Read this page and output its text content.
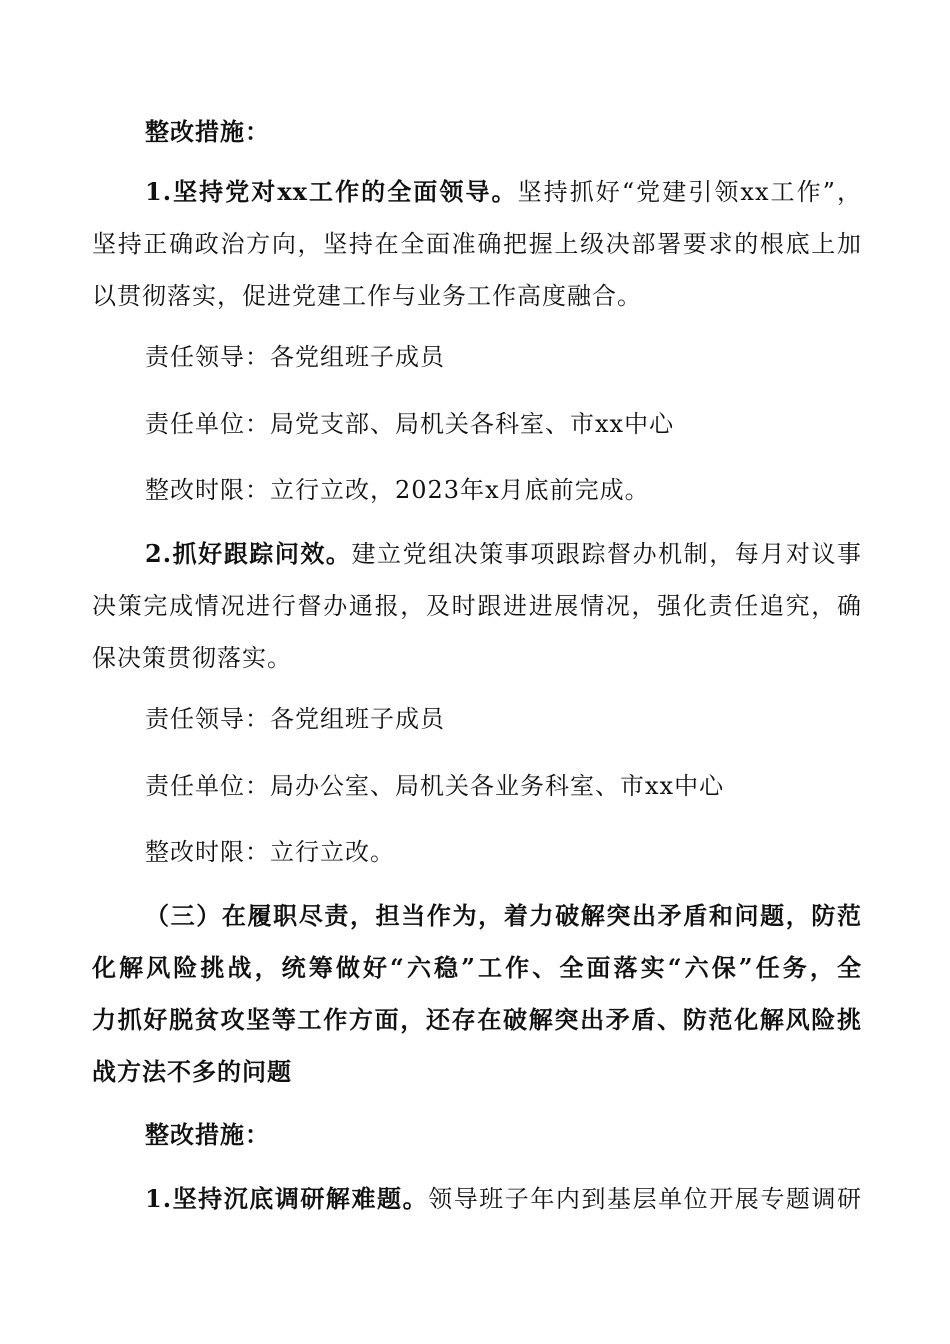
整改措施：
1.坚持党对xx工作的全面领导。坚持抓好“党建引领xx工作”，
坚持正确政治方向，坚持在全面准确把握上级决部署要求的根底上加
以贯彻落实，促进党建工作与业务工作高度融合。
责任领导：各党组班子成员
责任单位：局党支部、局机关各科室、市xx中心
整改时限：立行立改，2023年x月底前完成。
2.抓好跟踪问效。建立党组决策事项跟踪督办机制，每月对议事
决策完成情况进行督办通报，及时跟进进展情况，强化责任追究，确
保决策贯彻落实。
责任领导：各党组班子成员
责任单位：局办公室、局机关各业务科室、市xx中心
整改时限：立行立改。
（三）在履职尽责，担当作为，着力破解突出矛盾和问题，防范
化解风险挑战，统筹做好“六稳”工作、全面落实“六保”任务，全
力抓好脱贫攻坚等工作方面，还存在破解突出矛盾、防范化解风险挑
战方法不多的问题
整改措施：
1.坚持沉底调研解难题。领导班子年内到基层单位开展专题调研
